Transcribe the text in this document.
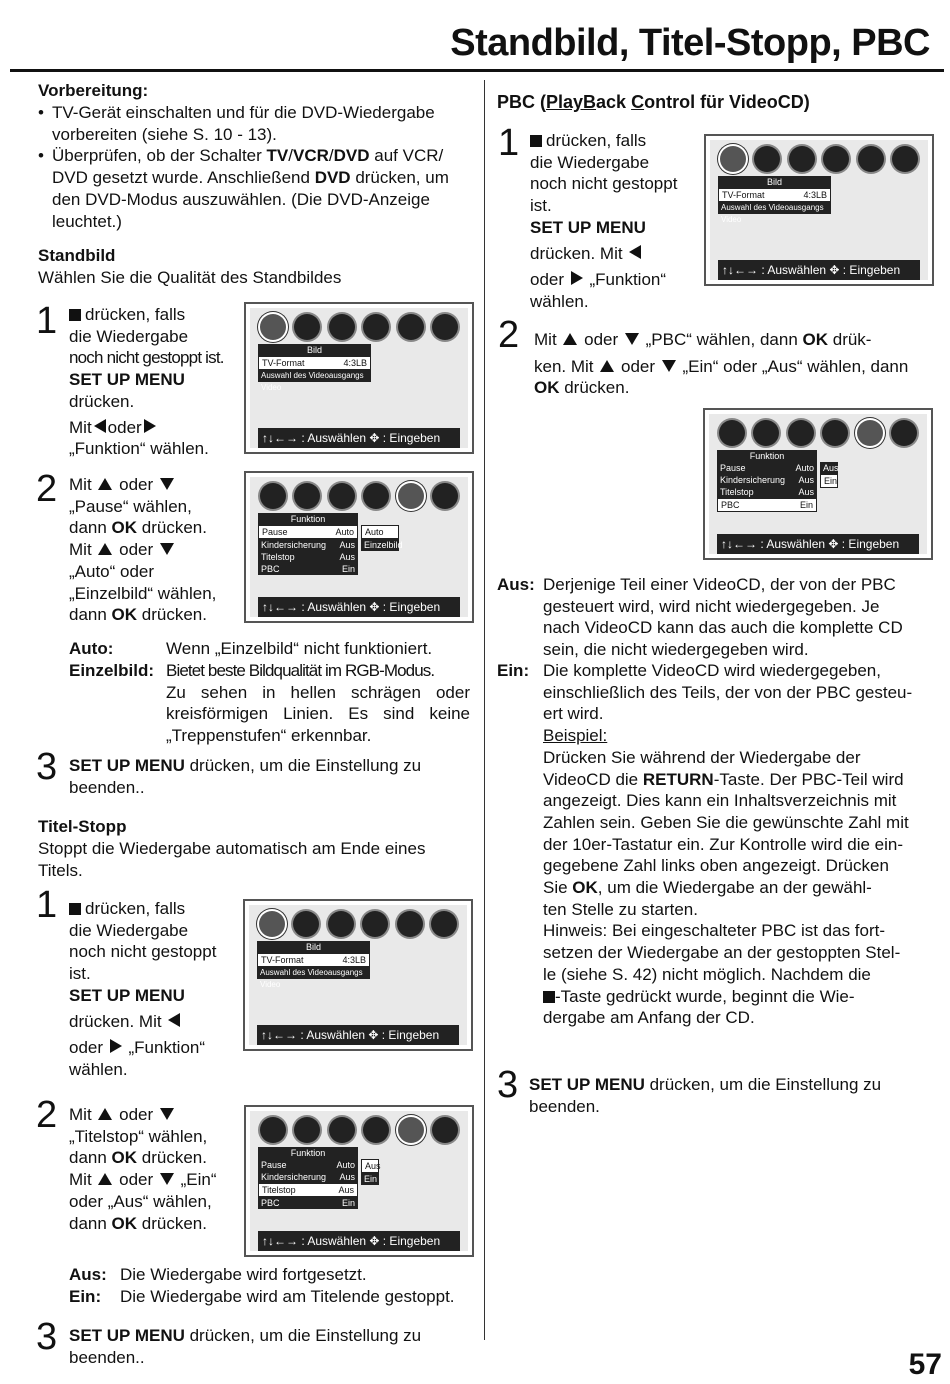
Standbild, Titel-Stopp, PBC
57
Vorbereitung:
• TV-Gerät einschalten und für die DVD-Wiedergabe
vorbereiten (siehe S. 10 - 13).
• Überprüfen, ob der Schalter TV/VCR/DVD auf VCR/
DVD gesetzt wurde. Anschließend DVD drücken, um
den DVD-Modus auszuwählen. (Die DVD-Anzeige
leuchtet.)
Standbild
Wählen Sie die Qualität des Standbildes
1	drücken, falls
die Wiedergabe
noch nicht gestoppt ist.
SET UP MENU
drücken.
Mit oder
„Funktion“ wählen.
Bild
TV-Format	4:3LB
Auswahl des Videoausgangs Video
↑↓←→ : Auswählen ✥ : Eingeben
2 Mit oder
„Pause“ wählen,
dann OK drücken.
Mit oder
„Auto“ oder
„Einzelbild“ wählen,
dann OK drücken.
Funktion
Pause	Auto
Kindersicherung Aus
Titelstop	Aus
PBC	Ein
Auto
Einzelbild
↑↓←→ : Auswählen ✥ : Eingeben
Auto:	Wenn „Einzelbild“ nicht funktioniert.
Einzelbild: Bietet beste Bildqualität im RGB-Modus.
Zu sehen in hellen schrägen oder
kreisförmigen Linien. Es sind keine
„Treppenstufen“ erkennbar.
3 SET UP MENU drücken, um die Einstellung zu
beenden..
Titel-Stopp
Stoppt die Wiedergabe automatisch am Ende eines
Titels.
1	drücken, falls
die Wiedergabe
noch nicht gestoppt
ist.
SET UP MENU
drücken. Mit
oder „Funktion“
wählen.
Bild
TV-Format	4:3LB
Auswahl des Videoausgangs Video
↑↓←→ : Auswählen ✥ : Eingeben
2 Mit oder
„Titelstop“ wählen,
dann OK drücken.
Mit oder „Ein“
oder „Aus“ wählen,
dann OK drücken.
Funktion
Pause	Auto
Kindersicherung Aus
Titelstop	Aus
PBC	Ein
Aus
Ein
↑↓←→ : Auswählen ✥ : Eingeben
Aus: Die Wiedergabe wird fortgesetzt.
Ein: Die Wiedergabe wird am Titelende gestoppt.
3 SET UP MENU drücken, um die Einstellung zu
beenden..
PBC (PlayBack Control für VideoCD)
1	drücken, falls
die Wiedergabe
noch nicht gestoppt
ist.
SET UP MENU
drücken. Mit
oder „Funktion“
wählen.
Bild
TV-Format	4:3LB
Auswahl des Videoausgangs Video
↑↓←→ : Auswählen ✥ : Eingeben
2 Mit oder „PBC“ wählen, dann OK drük-
ken. Mit oder „Ein“ oder „Aus“ wählen, dann
OK drücken.
Funktion
Pause	Auto
Kindersicherung Aus
Titelstop	Aus
PBC	Ein
Aus
Ein
↑↓←→ : Auswählen ✥ : Eingeben
Aus: Derjenige Teil einer VideoCD, der von der PBC
gesteuert wird, wird nicht wiedergegeben. Je
nach VideoCD kann das auch die komplette CD
sein, die nicht wiedergegeben wird.
Ein: Die komplette VideoCD wird wiedergegeben,
einschließlich des Teils, der von der PBC gesteu-
ert wird.
Beispiel:
Drücken Sie während der Wiedergabe der
VideoCD die RETURN-Taste. Der PBC-Teil wird
angezeigt. Dies kann ein Inhaltsverzeichnis mit
Zahlen sein. Geben Sie die gewünschte Zahl mit
der 10er-Tastatur ein. Zur Kontrolle wird die ein-
gegebene Zahl links oben angezeigt. Drücken
Sie OK, um die Wiedergabe an der gewähl-
ten Stelle zu starten.
Hinweis: Bei eingeschalteter PBC ist das fort-
setzen der Wiedergabe an der gestoppten Stel-
le (siehe S. 42) nicht möglich. Nachdem die
-Taste gedrückt wurde, beginnt die Wie-
dergabe am Anfang der CD.
3 SET UP MENU drücken, um die Einstellung zu
beenden.
